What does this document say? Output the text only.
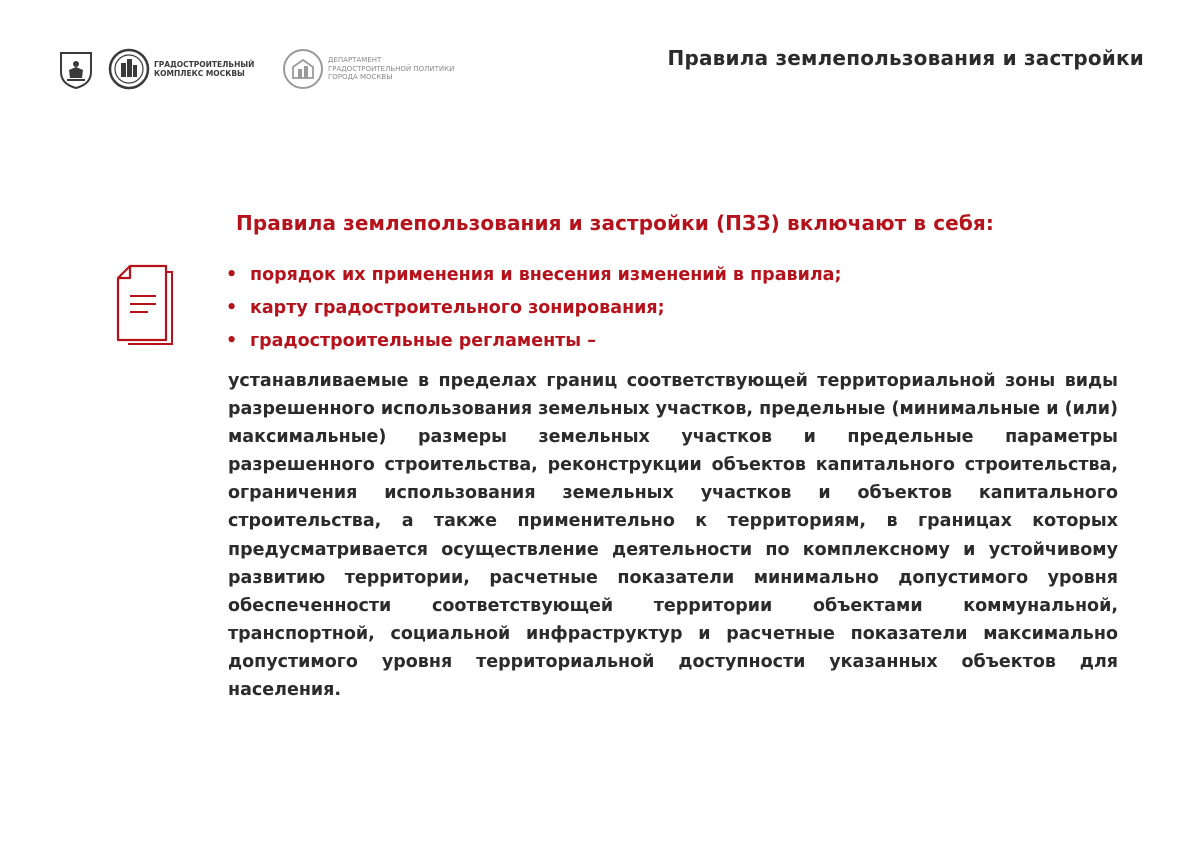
ГРАДОСТРОИТЕЛЬНЫЙ
КОМПЛЕКС МОСКВЫ
ДЕПАРТАМЕНТ
ГРАДОСТРОИТЕЛЬНОЙ ПОЛИТИКИ
ГОРОДА МОСКВЫ
Правила землепользования и застройки
Правила землепользования и застройки (ПЗЗ) включают в себя:
• порядок их применения и внесения изменений в правила;
• карту градостроительного зонирования;
• градостроительные регламенты –

устанавливаемые в пределах границ соответствующей территориальной зоны виды разрешенного использования земельных участков, предельные (минимальные и (или) максимальные) размеры земельных участков и предельные параметры разрешенного строительства, реконструкции объектов капитального строительства, ограничения использования земельных участков и объектов капитального строительства, а также применительно к территориям, в границах которых предусматривается осуществление деятельности по комплексному и устойчивому развитию территории, расчетные показатели минимально допустимого уровня обеспеченности соответствующей территории объектами коммунальной, транспортной, социальной инфраструктур и расчетные показатели максимально допустимого уровня территориальной доступности указанных объектов для населения.
